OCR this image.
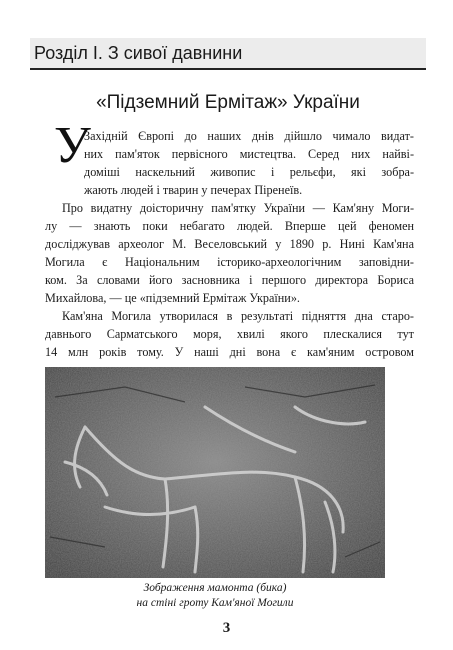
Розділ І. З сивої давнини
«Підземний Ермітаж» України
У
Західній Європі до наших днів дійшло чимало видат-
них пам'яток первісного мистецтва. Серед них найві-
доміші наскельний живопис і рельєфи, які зобра-
жають людей і тварин у печерах Піренеїв.
Про видатну доісторичну пам'ятку України — Кам'яну Моги-
лу — знають поки небагато людей. Вперше цей феномен
досліджував археолог М. Веселовський у 1890 р. Нині Кам'яна
Могила є Національним історико-археологічним заповідни-
ком. За словами його засновника і першого директора Бориса
Михайлова, — це «підземний Ермітаж України».
Кам'яна Могила утворилася в результаті підняття дна стаpo-
давнього Сарматського моря, хвилі якого плескалися тут
14 млн років тому. У наші дні вона є кам'яним островом
Зображення мамонта (бика)
на стіні гроту Кам'яної Могили
3
